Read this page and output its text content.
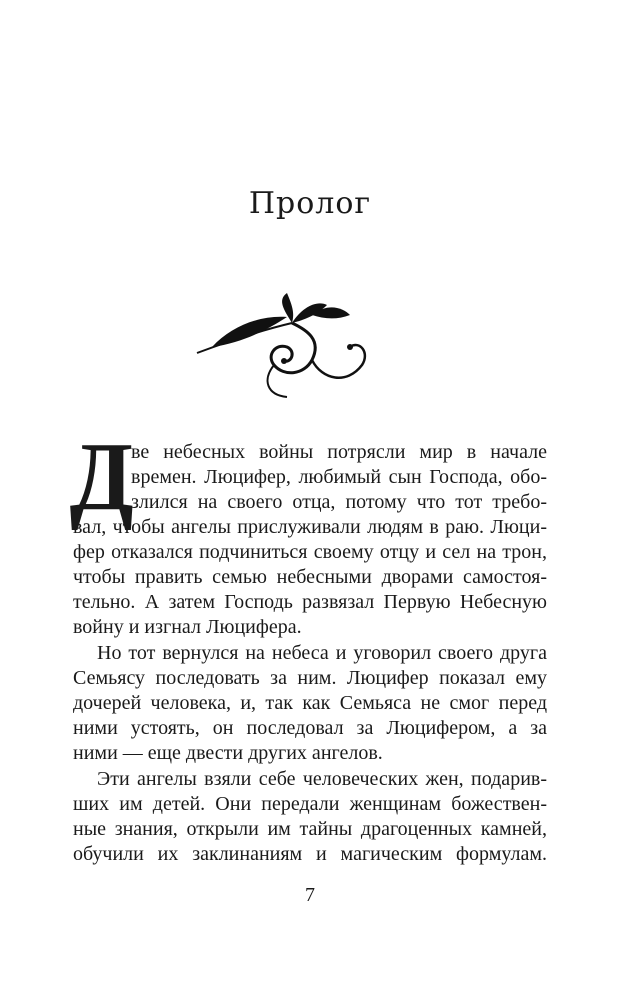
Пролог
Д
ве небесных войны потрясли мир в начале
времен. Люцифер, любимый сын Господа, обо-
злился на своего отца, потому что тот требо-
вал, чтобы ангелы прислуживали людям в раю. Люци-
фер отказался подчиниться своему отцу и сел на трон,
чтобы править семью небесными дворами самостоя-
тельно. А затем Господь развязал Первую Небесную
войну и изгнал Люцифера.
Но тот вернулся на небеса и уговорил своего друга
Семьясу последовать за ним. Люцифер показал ему
дочерей человека, и, так как Семьяса не смог перед
ними устоять, он последовал за Люцифером, а за
ними — еще двести других ангелов.
Эти ангелы взяли себе человеческих жен, подарив-
ших им детей. Они передали женщинам божествен-
ные знания, открыли им тайны драгоценных камней,
обучили их заклинаниям и магическим формулам.
7
